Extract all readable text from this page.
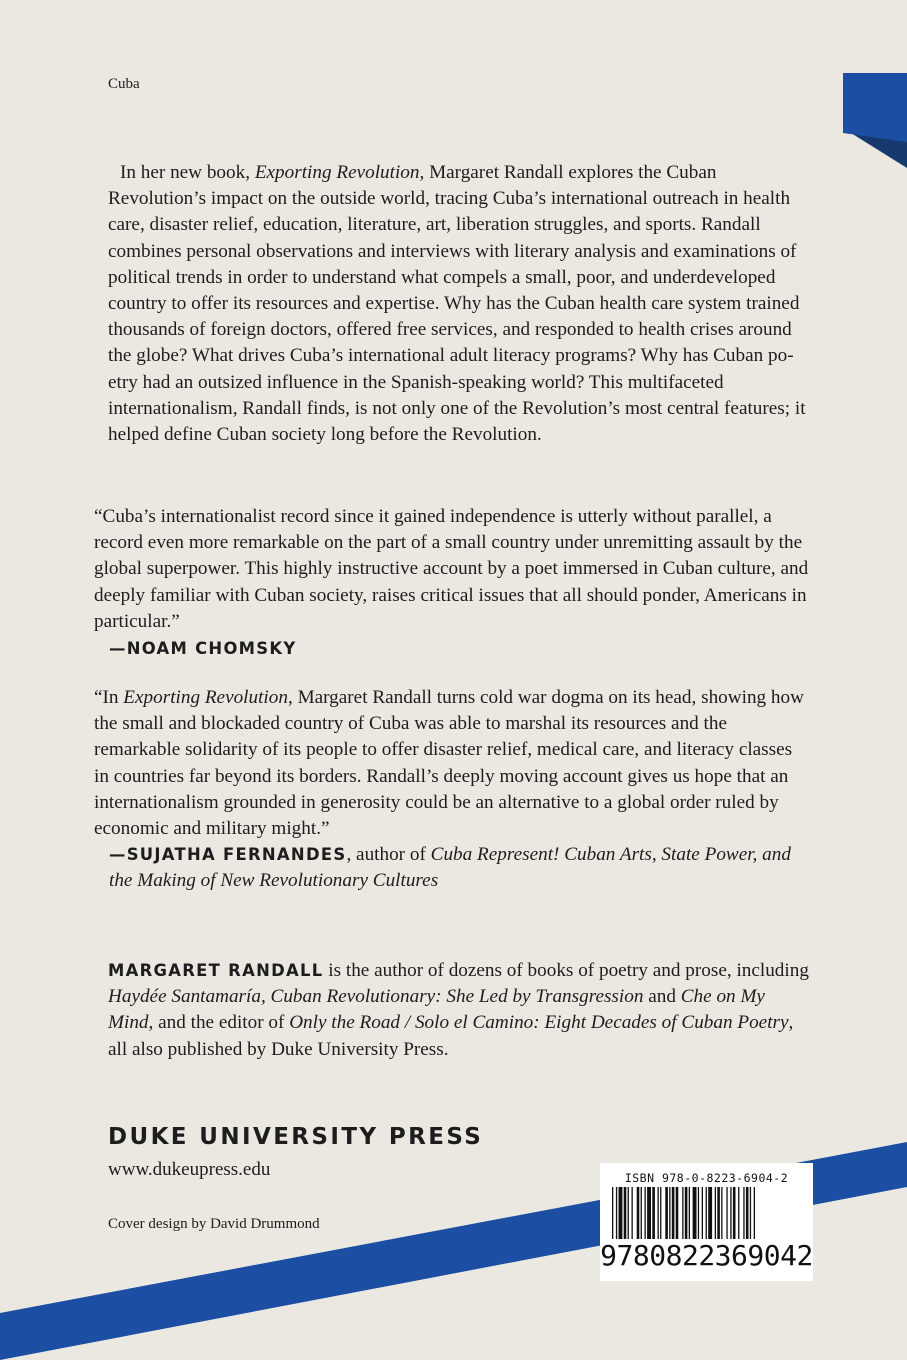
Cuba

In her new book, Exporting Revolution, Margaret Randall explores the Cuban Revolution’s impact on the outside world, tracing Cuba’s international outreach in health care, disaster relief, education, literature, art, liberation struggles, and sports. Randall combines personal observations and interviews with literary analysis and examinations of political trends in order to understand what compels a small, poor, and underdeveloped country to offer its resources and expertise. Why has the Cuban health care system trained thousands of foreign doctors, offered free services, and responded to health crises around the globe? What drives Cuba’s international adult literacy programs? Why has Cuban poetry had an outsized influence in the Spanish-speaking world? This multifaceted internationalism, Randall finds, is not only one of the Revolution’s most central features; it helped define Cuban society long before the Revolution.

“Cuba’s internationalist record since it gained independence is utterly without parallel, a record even more remarkable on the part of a small country under unremitting assault by the global superpower. This highly instructive account by a poet immersed in Cuban culture, and deeply familiar with Cuban society, raises critical issues that all should ponder, Americans in particular.”
—NOAM CHOMSKY
“In Exporting Revolution, Margaret Randall turns cold war dogma on its head, showing how the small and blockaded country of Cuba was able to marshal its resources and the remarkable solidarity of its people to offer disaster relief, medical care, and literacy classes in countries far beyond its borders. Randall’s deeply moving account gives us hope that an internationalism grounded in generosity could be an alternative to a global order ruled by economic and military might.”
—SUJATHA FERNANDES, author of Cuba Represent! Cuban Arts, State Power, and the Making of New Revolutionary Cultures

MARGARET RANDALL is the author of dozens of books of poetry and prose, including Haydée Santamaría, Cuban Revolutionary: She Led by Transgression and Che on My Mind, and the editor of Only the Road / Solo el Camino: Eight Decades of Cuban Poetry, all also published by Duke University Press.

DUKE UNIVERSITY PRESS
www.dukeupress.edu
Cover design by David Drummond
ISBN 978-0-8223-6904-2
9780822369042
